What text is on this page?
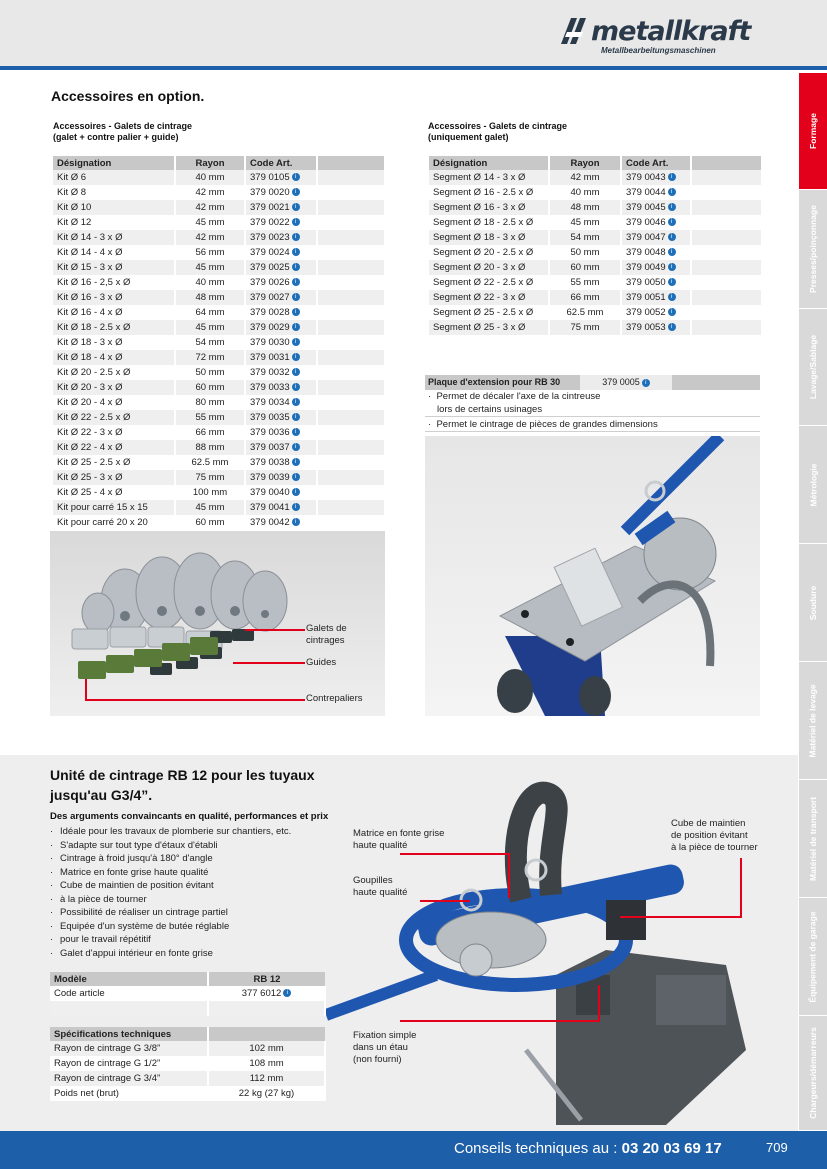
metallkraft
Metallbearbeitungsmaschinen
Formage
Presses/poinçonnage
Lavage/Sablage
Métrologie
Soudure
Matériel de levage
Matériel de transport
Équipement de garage
Chargeurs/démarreurs
Accessoires en option.
Accessoires - Galets de cintrage
(galet + contre palier + guide)
Désignation	Rayon	Code Art.	
Kit Ø 6	40 mm	379 0105 i	
Kit Ø 8	42 mm	379 0020 i	
Kit Ø 10	42 mm	379 0021 i	
Kit Ø 12	45 mm	379 0022 i	
Kit Ø 14 - 3 x Ø	42 mm	379 0023 i	
Kit Ø 14 - 4 x Ø	56 mm	379 0024 i	
Kit Ø 15 - 3 x Ø	45 mm	379 0025 i	
Kit Ø 16 - 2,5 x Ø	40 mm	379 0026 i	
Kit Ø 16 - 3 x Ø	48 mm	379 0027 i	
Kit Ø 16 - 4 x Ø	64 mm	379 0028 i	
Kit Ø 18 - 2.5 x Ø	45 mm	379 0029 i	
Kit Ø 18 - 3 x Ø	54 mm	379 0030 i	
Kit Ø 18 - 4 x Ø	72 mm	379 0031 i	
Kit Ø 20 - 2.5 x Ø	50 mm	379 0032 i	
Kit Ø 20 - 3 x Ø	60 mm	379 0033 i	
Kit Ø 20 - 4 x Ø	80 mm	379 0034 i	
Kit Ø 22 - 2.5 x Ø	55 mm	379 0035 i	
Kit Ø 22 - 3 x Ø	66 mm	379 0036 i	
Kit Ø 22 - 4 x Ø	88 mm	379 0037 i	
Kit Ø 25 - 2.5 x Ø	62.5 mm	379 0038 i	
Kit Ø 25 - 3 x Ø	75 mm	379 0039 i	
Kit Ø 25 - 4 x Ø	100 mm	379 0040 i	
Kit pour carré 15 x 15	45 mm	379 0041 i	
Kit pour carré 20 x 20	60 mm	379 0042 i	
Accessoires - Galets de cintrage
(uniquement galet)
Désignation	Rayon	Code Art.	
Segment Ø 14 - 3 x Ø	42 mm	379 0043 i	
Segment Ø 16 - 2.5 x Ø	40 mm	379 0044 i	
Segment Ø 16 - 3 x Ø	48 mm	379 0045 i	
Segment Ø 18 - 2.5 x Ø	45 mm	379 0046 i	
Segment Ø 18 - 3 x Ø	54 mm	379 0047 i	
Segment Ø 20 - 2.5 x Ø	50 mm	379 0048 i	
Segment Ø 20 - 3 x Ø	60 mm	379 0049 i	
Segment Ø 22 - 2.5 x Ø	55 mm	379 0050 i	
Segment Ø 22 - 3 x Ø	66 mm	379 0051 i	
Segment Ø 25 - 2.5 x Ø	62.5 mm	379 0052 i	
Segment Ø 25 - 3 x Ø	75 mm	379 0053 i	
Plaque d'extension pour RB 30	379 0005 i
·  Permet de décaler l'axe de la cintreuse
lors de certains usinages
·  Permet le cintrage de pièces de grandes dimensions
Galets de
cintrages
Guides
Contrepaliers
Unité de cintrage RB 12 pour les tuyaux
jusqu'au G3/4”.
Des arguments convaincants en qualité, performances et prix
· Idéale pour les travaux de plomberie sur chantiers, etc.
· S'adapte sur tout type d'étaux d'établi
· Cintrage à froid jusqu'à 180° d'angle
· Matrice en fonte grise haute qualité
· Cube de maintien de position évitant
· à la pièce de tourner
· Possibilité de réaliser un cintrage partiel
· Equipée d'un système de butée réglable
· pour le travail répétitif
· Galet d'appui intérieur en fonte grise
Modèle	RB 12
Code article	377 6012 i

Spécifications techniques	
Rayon de cintrage G 3/8”	102 mm
Rayon de cintrage G 1/2”	108 mm
Rayon de cintrage G 3/4”	112 mm
Poids net (brut)	22 kg (27 kg)
Matrice en fonte grise
haute qualité
Goupilles
haute qualité
Cube de maintien
de position évitant
à la pièce de tourner
Fixation simple
dans un étau
(non fourni)
Conseils techniques au : 03 20 03 69 17	709
